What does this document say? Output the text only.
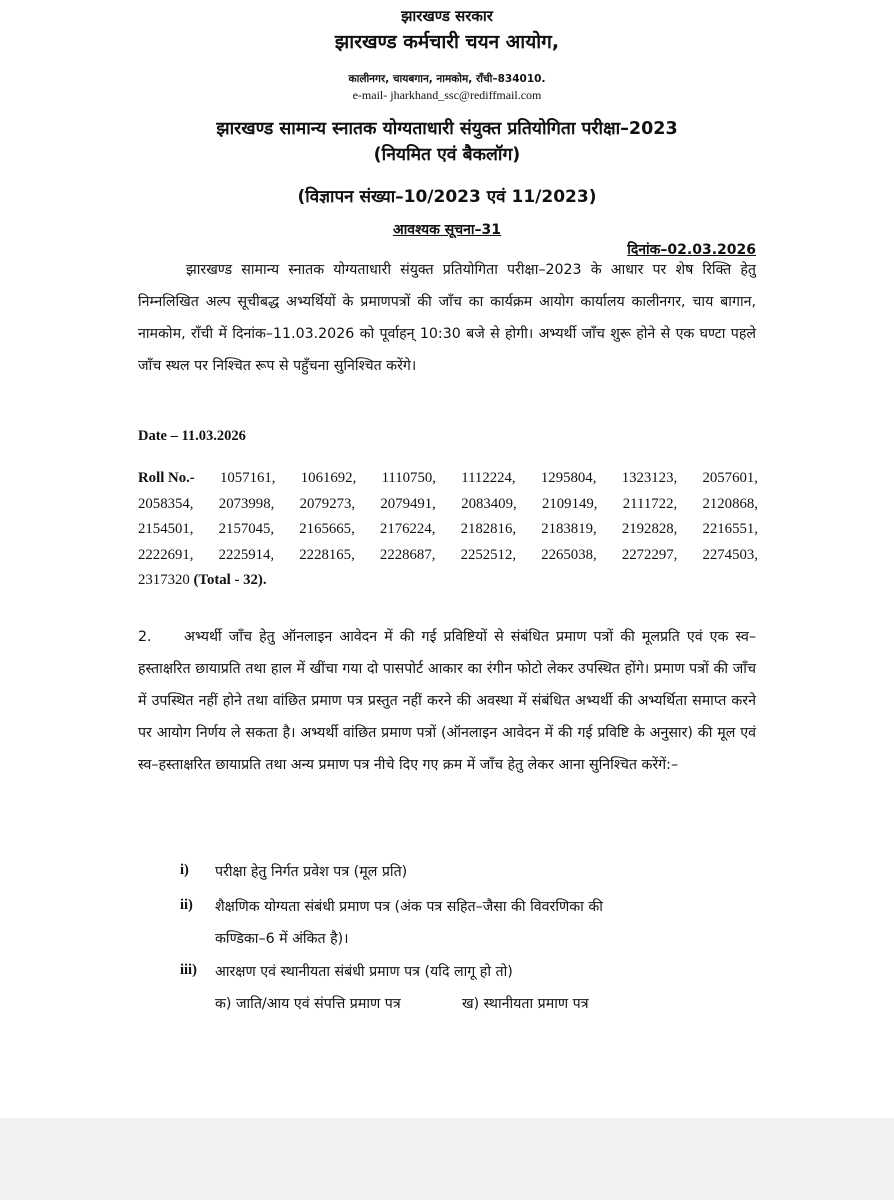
झारखण्ड सरकार
झारखण्ड कर्मचारी चयन आयोग,
कालीनगर, चायबगान, नामकोम, राँची–834010.
e-mail- jharkhand_ssc@rediffmail.com
झारखण्ड सामान्य स्नातक योग्यताधारी संयुक्त प्रतियोगिता परीक्षा–2023
(नियमित एवं बैकलॉग)
(विज्ञापन संख्या–10/2023 एवं 11/2023)
आवश्यक सूचना–31
दिनांक–02.03.2026
झारखण्ड सामान्य स्नातक योग्यताधारी संयुक्त प्रतियोगिता परीक्षा–2023 के आधार पर शेष रिक्ति हेतु निम्नलिखित अल्प सूचीबद्ध अभ्यर्थियों के प्रमाणपत्रों की जाँच का कार्यक्रम आयोग कार्यालय कालीनगर, चाय बागान, नामकोम, राँची में दिनांक–11.03.2026 को पूर्वाहन् 10:30 बजे से होगी। अभ्यर्थी जाँच शुरू होने से एक घण्टा पहले जाँच स्थल पर निश्चित रूप से पहुँचना सुनिश्चित करेंगे।
Date – 11.03.2026
Roll No.- 1057161, 1061692, 1110750, 1112224, 1295804, 1323123, 2057601,
2058354, 2073998, 2079273, 2079491, 2083409, 2109149, 2111722, 2120868,
2154501, 2157045, 2165665, 2176224, 2182816, 2183819, 2192828, 2216551,
2222691, 2225914, 2228165, 2228687, 2252512, 2265038, 2272297, 2274503,
2317320
(Total - 32).
2. अभ्यर्थी जाँच हेतु ऑनलाइन आवेदन में की गई प्रविष्टियों से संबंधित प्रमाण पत्रों की मूलप्रति एवं एक स्व–हस्ताक्षरित छायाप्रति तथा हाल में खींचा गया दो पासपोर्ट आकार का रंगीन फोटो लेकर उपस्थित होंगे। प्रमाण पत्रों की जाँच में उपस्थित नहीं होने तथा वांछित प्रमाण पत्र प्रस्तुत नहीं करने की अवस्था में संबंधित अभ्यर्थी की अभ्यर्थिता समाप्त करने पर आयोग निर्णय ले सकता है। अभ्यर्थी वांछित प्रमाण पत्रों (ऑनलाइन आवेदन में की गई प्रविष्टि के अनुसार) की मूल एवं स्व–हस्ताक्षरित छायाप्रति तथा अन्य प्रमाण पत्र नीचे दिए गए क्रम में जाँच हेतु लेकर आना सुनिश्चित करेंगें:–
i) परीक्षा हेतु निर्गत प्रवेश पत्र (मूल प्रति)
ii) शैक्षणिक योग्यता संबंधी प्रमाण पत्र (अंक पत्र सहित–जैसा की विवरणिका की
कण्डिका–6 में अंकित है)।
iii) आरक्षण एवं स्थानीयता संबंधी प्रमाण पत्र (यदि लागू हो तो)
क) जाति/आय एवं संपत्ति प्रमाण पत्र	ख) स्थानीयता प्रमाण पत्र
